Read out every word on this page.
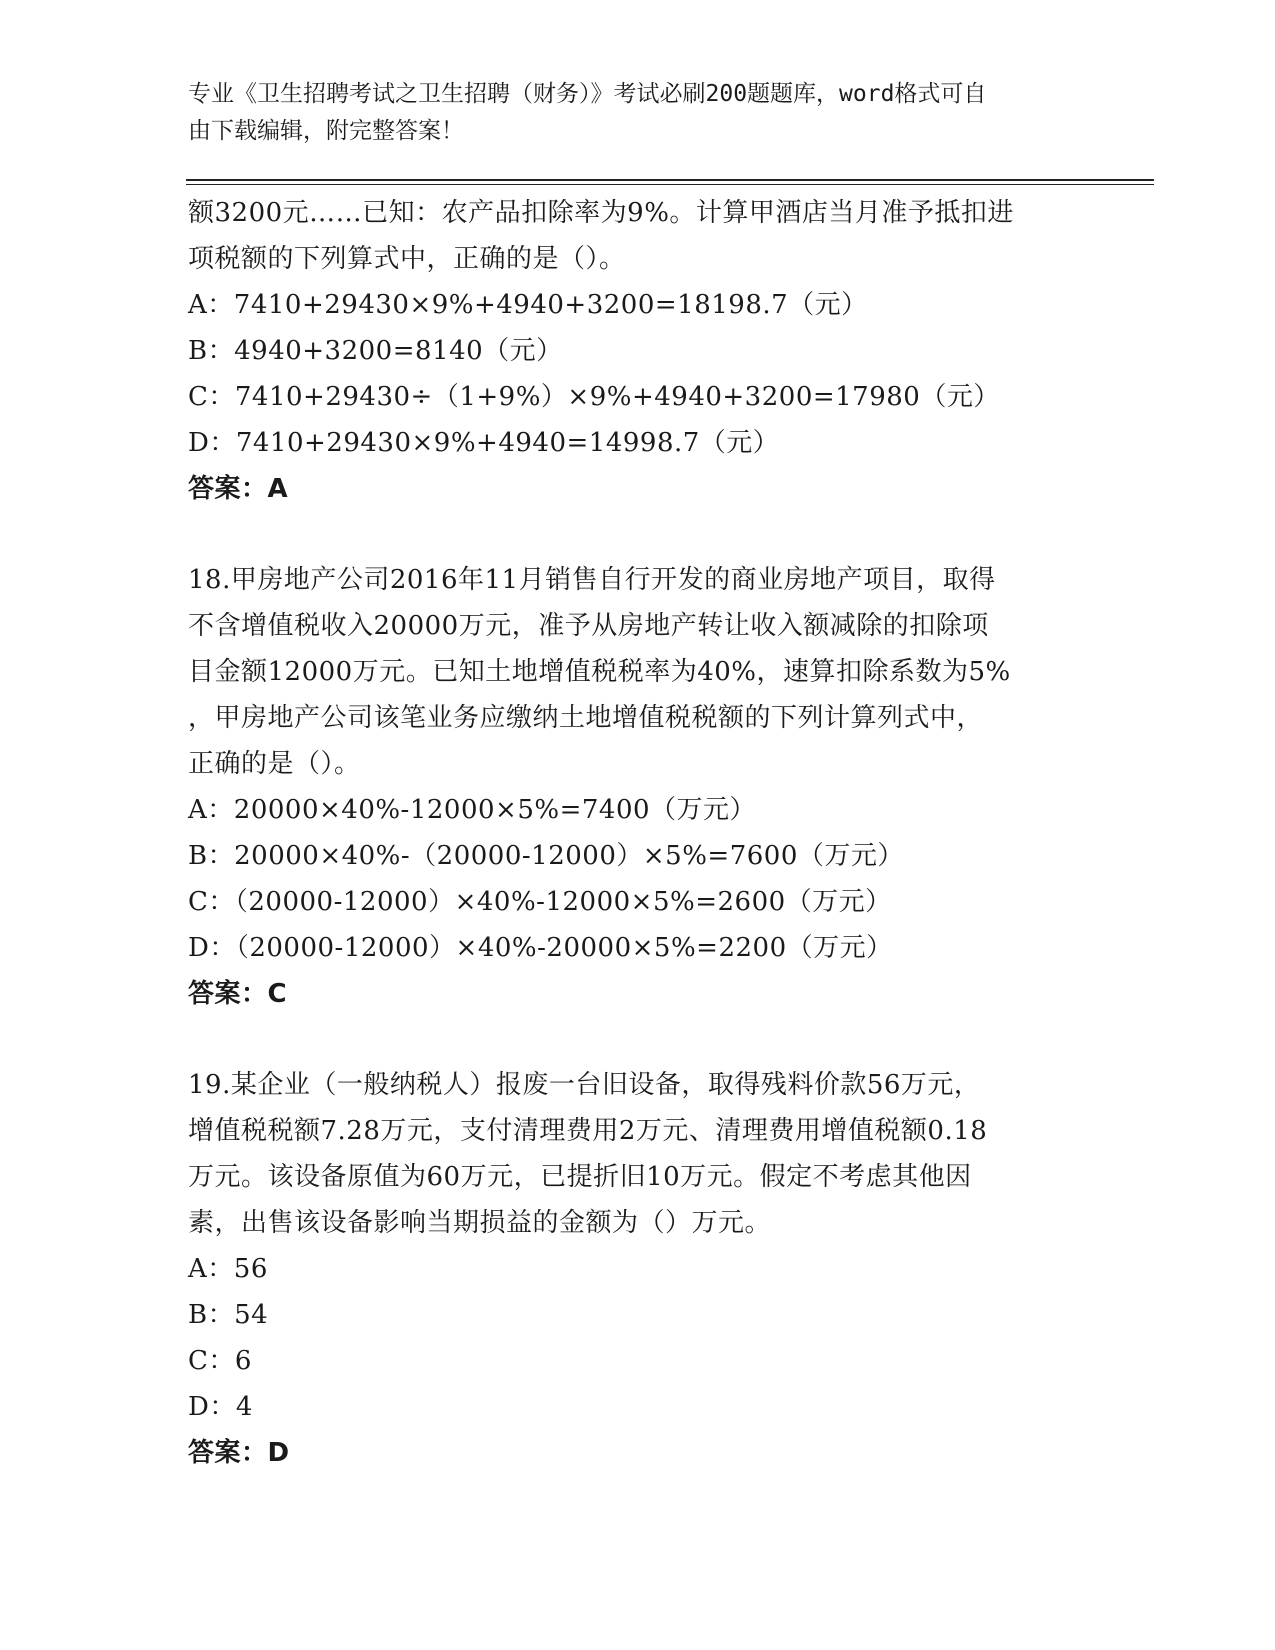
专业《卫生招聘考试之卫生招聘（财务）》考试必刷200题题库，word格式可自
由下载编辑，附完整答案！
额3200元……已知：农产品扣除率为9%。计算甲酒店当月准予抵扣进
项税额的下列算式中，正确的是（）。
A：7410+29430×9%+4940+3200=18198.7（元）
B：4940+3200=8140（元）
C：7410+29430÷（1+9%）×9%+4940+3200=17980（元）
D：7410+29430×9%+4940=14998.7（元）
答案：A
18.甲房地产公司2016年11月销售自行开发的商业房地产项目，取得
不含增值税收入20000万元，准予从房地产转让收入额减除的扣除项
目金额12000万元。已知土地增值税税率为40%，速算扣除系数为5%
，甲房地产公司该笔业务应缴纳土地增值税税额的下列计算列式中，
正确的是（）。
A：20000×40%-12000×5%=7400（万元）
B：20000×40%-（20000-12000）×5%=7600（万元）
C：（20000-12000）×40%-12000×5%=2600（万元）
D：（20000-12000）×40%-20000×5%=2200（万元）
答案：C
19.某企业（一般纳税人）报废一台旧设备，取得残料价款56万元，
增值税税额7.28万元，支付清理费用2万元、清理费用增值税额0.18
万元。该设备原值为60万元，已提折旧10万元。假定不考虑其他因
素，出售该设备影响当期损益的金额为（）万元。
A：56
B：54
C：6
D：4
答案：D
